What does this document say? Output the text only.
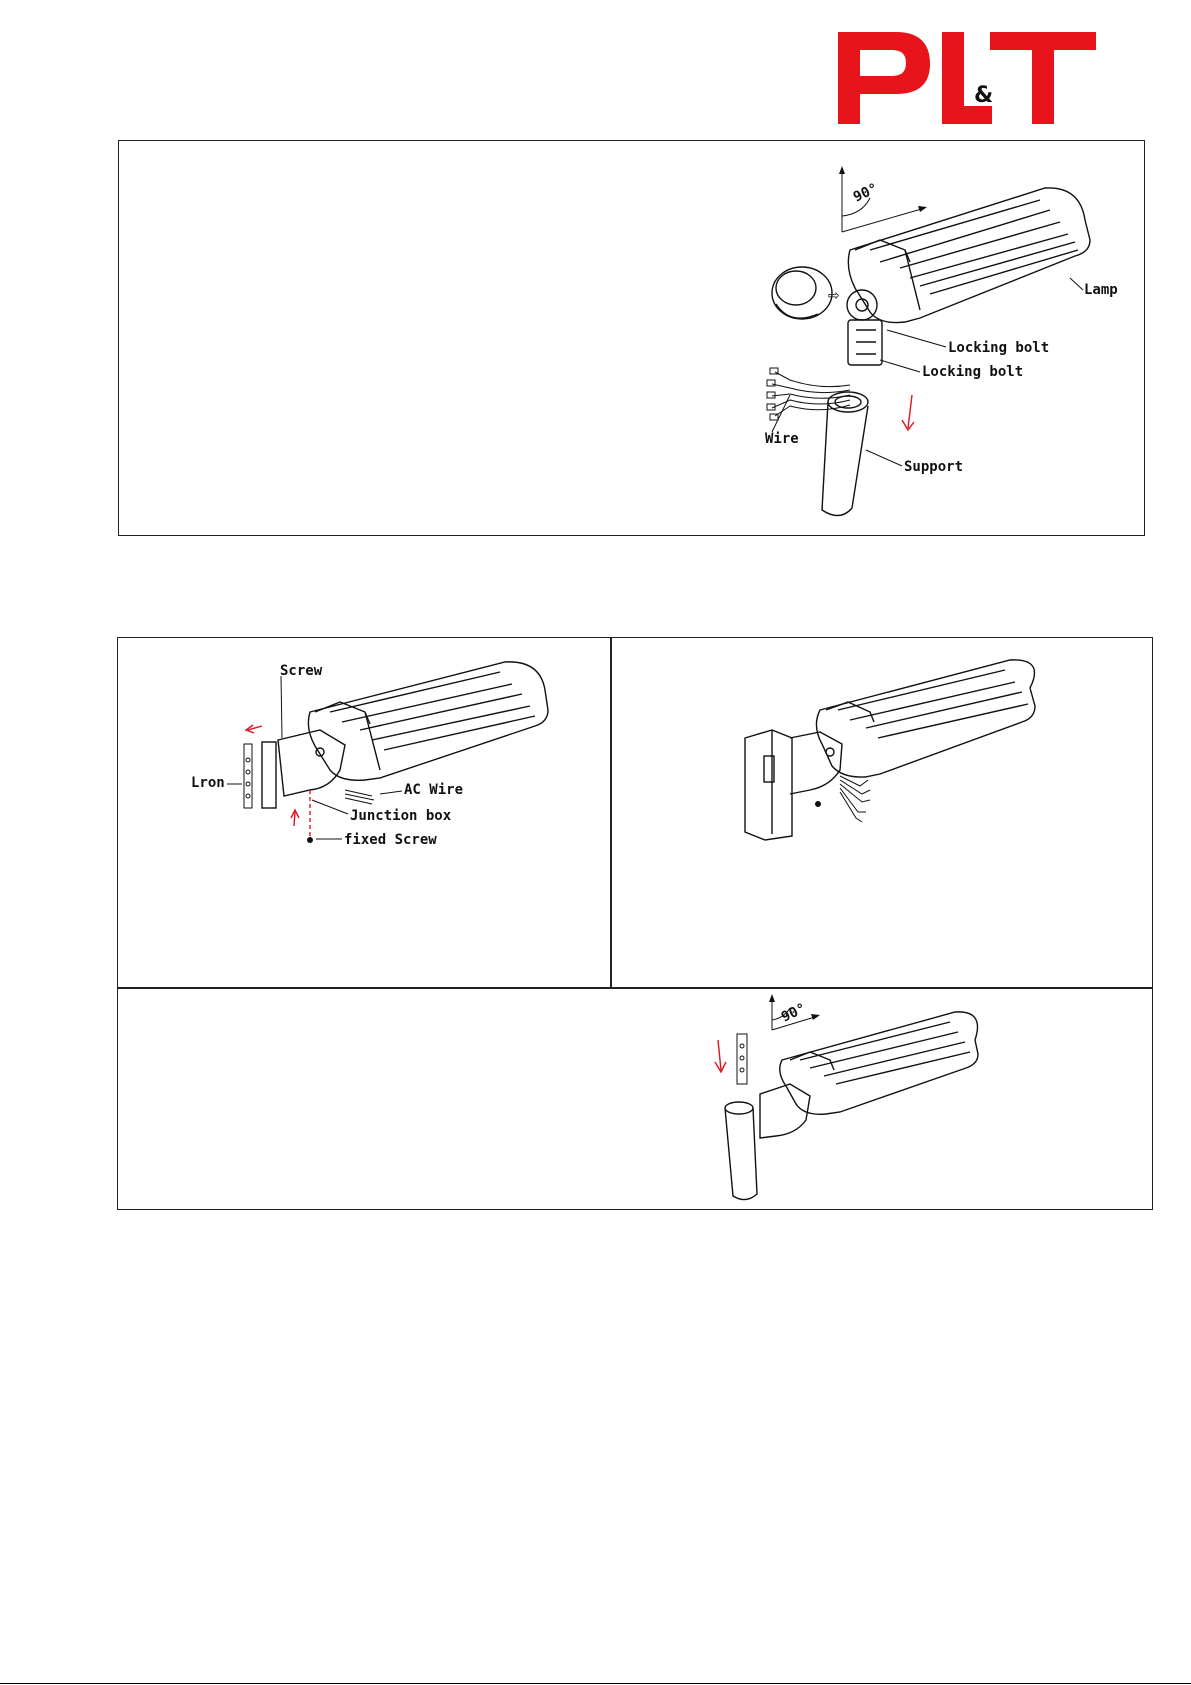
&
90°
⇨	Lamp
Locking bolt
Locking bolt
Wire
Support
Screw
Lron	AC Wire
Junction box
fixed Screw
90°
